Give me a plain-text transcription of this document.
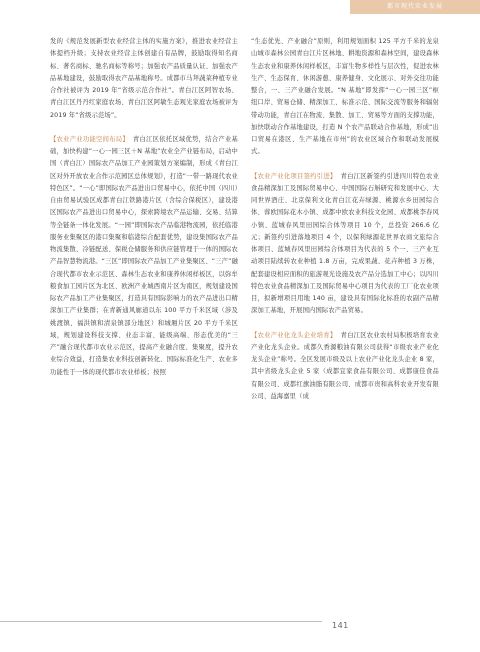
都市现代农业发展

发的《规范发展新型农业经营主体的实施方案》，推进农业经营主体提档升级；支持农业经营主体创建自有品牌，鼓励取得知名商标、著名商标、驰名商标等称号；加强农产品质量认证、加强农产品基地建设，鼓励取得农产品基地称号。成都市马拜蔬菜种植专业合作社被评为 2019 年“省级示范合作社”。青白江区阿智农场、青白江区丹丹红家庭农场、青白江区阿敏生态观光家庭农场被评为 2019 年“省级示范场”。

【农业产业功能空间布局】 青白江区依托区域优势，结合产业基础，加快构建“一心一园三区＋N 基地”农业全产业链布局，启动中国（青白江）国际农产品加工产业园策划方案编制，形成《青白江区对外开放农业合作示范园区总体规划》，打造“一带一路现代农业特色区”。“一心”即国际农产品进出口贸易中心，依托中国（四川）自由贸易试验区成都青白江铁路港片区（含综合保税区），建设港区国际农产品进出口贸易中心，探索跨境农产品运输、交易、结算等全链条一体化发展。“一园”即国际农产品临港物流园，依托临港服务业集聚区的港口集聚和临港综合配套优势，建设集国际农产品物流集散、冷链配送、保税仓储服务和供应链管理于一体的国际农产品智慧物流港。“三区”即国际农产品加工产业集聚区、“三产”融合现代都市农业示范区、森林生态农业和康养休闲样板区，以弥牟粮食加工园片区为北区、欧洲产业城西南片区为南区，规划建设国际农产品加工产业集聚区，打造具有国际影响力的农产品进出口精深加工产业集群；在青新通风廊道以东 100 平方千米区域（涉及姚渡镇、福洪镇和清泉镇部分地区）和城厢片区 20 平方千米区域，规划建设科技支撑、业态丰富、能级高端、形态优美的“三产”融合现代都市农业示范区，提高产业融合度、集聚度，提升农业综合效益，打造集农业科技创新转化、国际标准化生产、农业多功能性于一体的现代都市农业样板；按照

“生态优先、产业融合”原则，利用规划面积 125 平方千米的龙泉山城市森林公园青白江片区林地、耕地资源和森林空间，建设森林生态农业和康养休闲样板区，丰富生物多样性与层次性，促进农林生产、生态保育、休闲游憩、康养健身、文化展示、对外交往功能整合，一、三产业融合发展。“N 基地”即发挥“一心一园三区”枢纽口岸、贸易仓储、精深加工、标准示范、国际交流等服务和辐射带动功能，青白江在物流、集散、加工、贸易等方面的支撑功能，加快联动合作基地建设，打造 N 个农产品联动合作基地，形成“出口贸易在港区、生产基地在市州”的农业区域合作和联动发展模式。

【农业产业化项目签约引进】 青白江区新签约引进四川特色农业食品精深加工及国际贸易中心、中国国际石斛研究和发展中心、大同世界酒庄、北京保利文化青白江花卉绿源、桃源水乡田园综合体、蓉欧国际花木小镇、成都中欧农业科技文化园、成都桃李春风小镇、蓝城春风里田园综合体等项目 10 个，总投资 266.6 亿元；新签约引进落地项目 4 个，以保利绿源花世界农商文旅综合体项目、蓝城春风里田园综合体项目为代表的 5 个一、三产业互动项目陆续转农业种植 1.8 万亩，完成果蔬、花卉种植 3 万株，配套建设相应面积的旅游观光设施及农产品分选加工中心；以四川特色农业食品精深加工及国际贸易中心项目为代表的工厂化农业项目，拟新增项目用地 140 亩，建设具有国际化标准的农副产品精深加工基地，开展国内国际农产品贸易。

【农业产业化龙头企业培育】 青白江区农业农村局积极培育农业产业化龙头企业。成都久香源粮油有限公司获得“市级农业产业化龙头企业”称号。全区发展市级及以上农业产业化龙头企业 8 家，其中省级龙头企业 5 家（成都宜家食品有限公司、成都康佳食品有限公司、成都红旗油脂有限公司、成都市贵和高科农业开发有限公司、益海嘉里（成

141
